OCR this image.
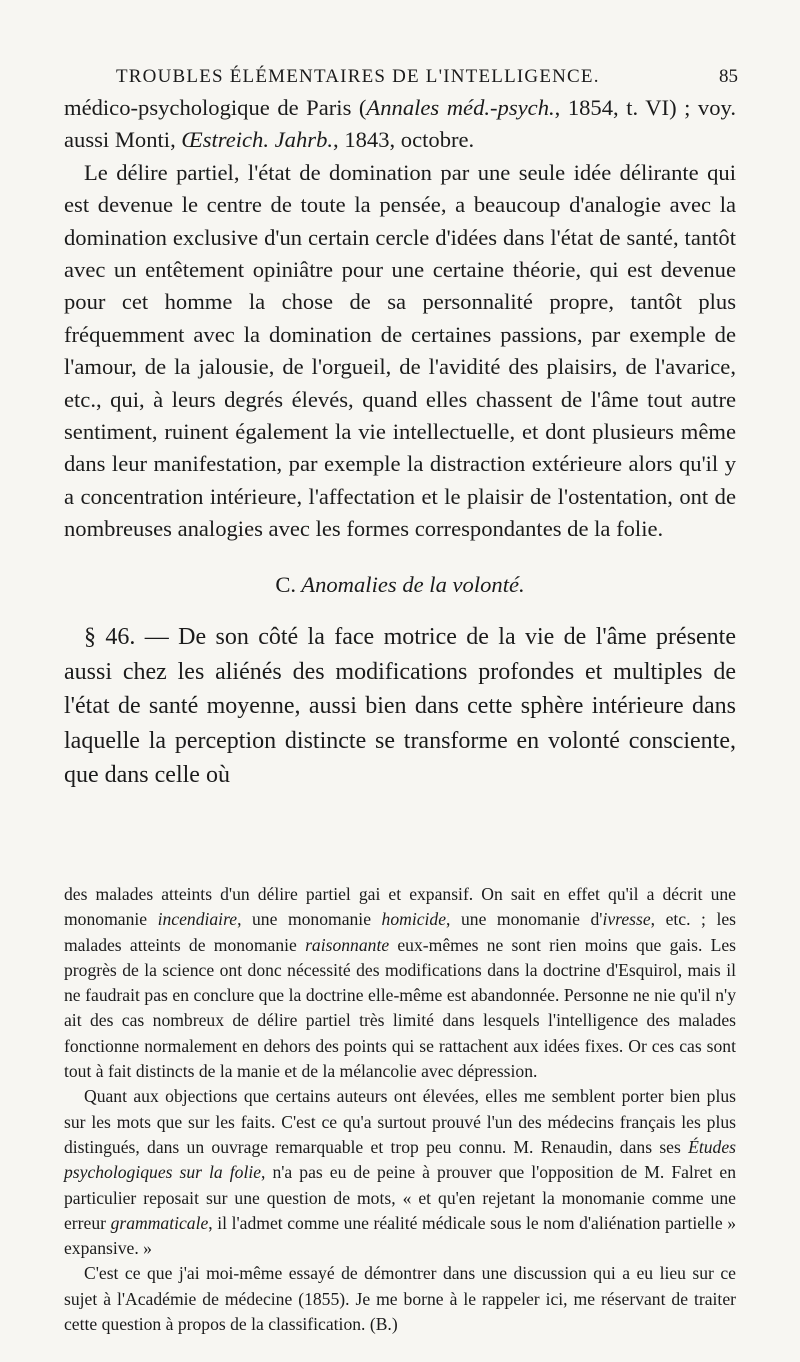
TROUBLES ÉLÉMENTAIRES DE L'INTELLIGENCE.	85

médico-psychologique de Paris (Annales méd.-psych., 1854, t. VI) ; voy. aussi Monti, Œstreich. Jahrb., 1843, octobre.

Le délire partiel, l'état de domination par une seule idée délirante qui est devenue le centre de toute la pensée, a beaucoup d'analogie avec la domination exclusive d'un certain cercle d'idées dans l'état de santé, tantôt avec un entêtement opiniâtre pour une certaine théorie, qui est devenue pour cet homme la chose de sa personnalité propre, tantôt plus fréquemment avec la domination de certaines passions, par exemple de l'amour, de la jalousie, de l'orgueil, de l'avidité des plaisirs, de l'avarice, etc., qui, à leurs degrés élevés, quand elles chassent de l'âme tout autre sentiment, ruinent également la vie intellectuelle, et dont plusieurs même dans leur manifestation, par exemple la distraction extérieure alors qu'il y a concentration intérieure, l'affectation et le plaisir de l'ostentation, ont de nombreuses analogies avec les formes correspondantes de la folie.

C. Anomalies de la volonté.

§ 46. — De son côté la face motrice de la vie de l'âme présente aussi chez les aliénés des modifications profondes et multiples de l'état de santé moyenne, aussi bien dans cette sphère intérieure dans laquelle la perception distincte se transforme en volonté consciente, que dans celle où

des malades atteints d'un délire partiel gai et expansif. On sait en effet qu'il a décrit une monomanie incendiaire, une monomanie homicide, une monomanie d'ivresse, etc. ; les malades atteints de monomanie raisonnante eux-mêmes ne sont rien moins que gais. Les progrès de la science ont donc nécessité des modifications dans la doctrine d'Esquirol, mais il ne faudrait pas en conclure que la doctrine elle-même est abandonnée. Personne ne nie qu'il n'y ait des cas nombreux de délire partiel très limité dans lesquels l'intelligence des malades fonctionne normalement en dehors des points qui se rattachent aux idées fixes. Or ces cas sont tout à fait distincts de la manie et de la mélancolie avec dépression.

Quant aux objections que certains auteurs ont élevées, elles me semblent porter bien plus sur les mots que sur les faits. C'est ce qu'a surtout prouvé l'un des médecins français les plus distingués, dans un ouvrage remarquable et trop peu connu. M. Renaudin, dans ses Études psychologiques sur la folie, n'a pas eu de peine à prouver que l'opposition de M. Falret en particulier reposait sur une question de mots, « et qu'en rejetant la monomanie comme une erreur grammaticale, il l'admet comme une réalité médicale sous le nom d'aliénation partielle » expansive. »

C'est ce que j'ai moi-même essayé de démontrer dans une discussion qui a eu lieu sur ce sujet à l'Académie de médecine (1855). Je me borne à le rappeler ici, me réservant de traiter cette question à propos de la classification. (B.)
